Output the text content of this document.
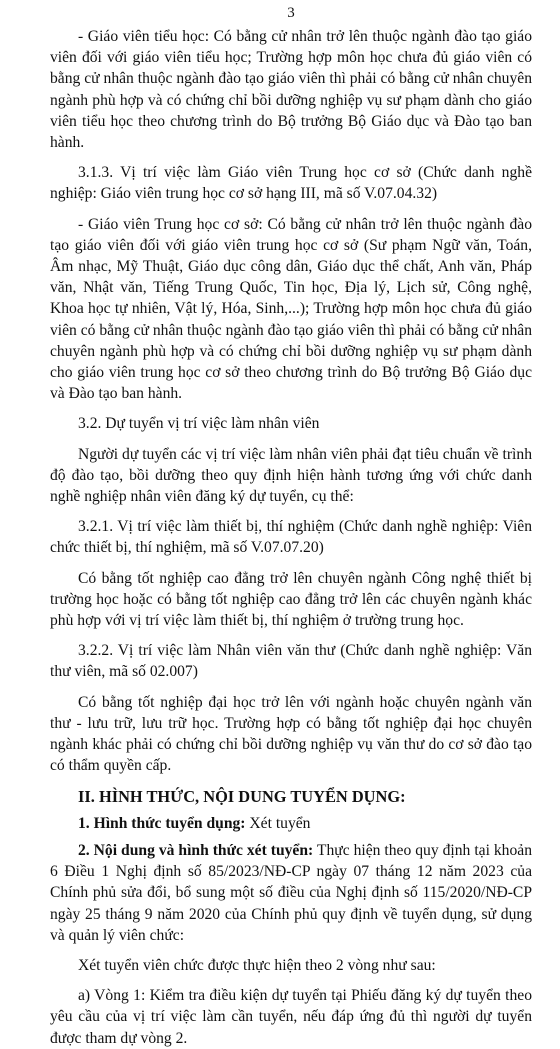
3

- Giáo viên tiểu học: Có bằng cử nhân trở lên thuộc ngành đào tạo giáo viên đối với giáo viên tiểu học; Trường hợp môn học chưa đủ giáo viên có bằng cử nhân thuộc ngành đào tạo giáo viên thì phải có bằng cử nhân chuyên ngành phù hợp và có chứng chỉ bồi dưỡng nghiệp vụ sư phạm dành cho giáo viên tiểu học theo chương trình do Bộ trưởng Bộ Giáo dục và Đào tạo ban hành.

3.1.3. Vị trí việc làm Giáo viên Trung học cơ sở (Chức danh nghề nghiệp: Giáo viên trung học cơ sở hạng III, mã số V.07.04.32)

- Giáo viên Trung học cơ sở: Có bằng cử nhân trở lên thuộc ngành đào tạo giáo viên đối với giáo viên trung học cơ sở (Sư phạm Ngữ văn, Toán, Âm nhạc, Mỹ Thuật, Giáo dục công dân, Giáo dục thể chất, Anh văn, Pháp văn, Nhật văn, Tiếng Trung Quốc, Tin học, Địa lý, Lịch sử, Công nghệ, Khoa học tự nhiên, Vật lý, Hóa, Sinh,...); Trường hợp môn học chưa đủ giáo viên có bằng cử nhân thuộc ngành đào tạo giáo viên thì phải có bằng cử nhân chuyên ngành phù hợp và có chứng chỉ bồi dưỡng nghiệp vụ sư phạm dành cho giáo viên trung học cơ sở theo chương trình do Bộ trưởng Bộ Giáo dục và Đào tạo ban hành.

3.2. Dự tuyển vị trí việc làm nhân viên

Người dự tuyển các vị trí việc làm nhân viên phải đạt tiêu chuẩn về trình độ đào tạo, bồi dưỡng theo quy định hiện hành tương ứng với chức danh nghề nghiệp nhân viên đăng ký dự tuyển, cụ thể:

3.2.1. Vị trí việc làm thiết bị, thí nghiệm (Chức danh nghề nghiệp: Viên chức thiết bị, thí nghiệm, mã số V.07.07.20)

Có bằng tốt nghiệp cao đẳng trở lên chuyên ngành Công nghệ thiết bị trường học hoặc có bằng tốt nghiệp cao đẳng trở lên các chuyên ngành khác phù hợp với vị trí việc làm thiết bị, thí nghiệm ở trường trung học.

3.2.2. Vị trí việc làm Nhân viên văn thư (Chức danh nghề nghiệp: Văn thư viên, mã số 02.007)

Có bằng tốt nghiệp đại học trở lên với ngành hoặc chuyên ngành văn thư - lưu trữ, lưu trữ học. Trường hợp có bằng tốt nghiệp đại học chuyên ngành khác phải có chứng chỉ bồi dưỡng nghiệp vụ văn thư do cơ sở đào tạo có thẩm quyền cấp.

II. HÌNH THỨC, NỘI DUNG TUYỂN DỤNG:

1. Hình thức tuyển dụng: Xét tuyển

2. Nội dung và hình thức xét tuyển: Thực hiện theo quy định tại khoản 6 Điều 1 Nghị định số 85/2023/NĐ-CP ngày 07 tháng 12 năm 2023 của Chính phủ sửa đổi, bổ sung một số điều của Nghị định số 115/2020/NĐ-CP ngày 25 tháng 9 năm 2020 của Chính phủ quy định về tuyển dụng, sử dụng và quản lý viên chức:

Xét tuyển viên chức được thực hiện theo 2 vòng như sau:

a) Vòng 1: Kiểm tra điều kiện dự tuyển tại Phiếu đăng ký dự tuyển theo yêu cầu của vị trí việc làm cần tuyển, nếu đáp ứng đủ thì người dự tuyển được tham dự vòng 2.
